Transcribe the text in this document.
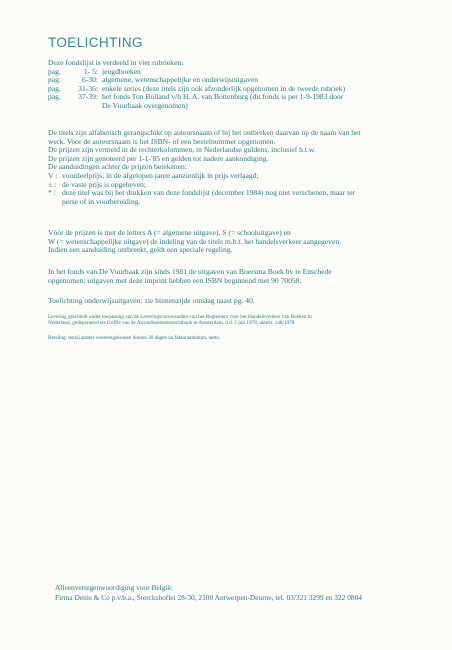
TOELICHTING
Deze fondslijst is verdeeld in vier rubrieken:
pag.	1- 5: jeugdboeken
pag.	6-30: algemene, wetenschappelijke en onderwijsuitgaven
pag.	31-36: enkele series (deze titels zijn ook afzonderlijk opgenomen in de tweede rubriek)
pag.	37-39: het fonds Ton Bolland v/h H. A. van Bottenburg (dit fonds is per 1-9-1983 door
De Vuurbaak overgenomen)
De titels zijn alfabetisch gerangschikt op auteursnaam of bij het ontbreken daarvan op de naam van het
werk. Voor de auteursnaam is het ISBN- of een bestelnummer opgenomen.
De prijzen zijn vermeld in de rechterkolommen, in Nederlandse guldens, inclusief b.t.w.
De prijzen zijn genoteerd per 1-1-'85 en gelden tot nadere aankondiging.
De aanduidingen achter de prijzen betekenen:
V : voordeelprijs; in de afgelopen jaren aanzienlijk in prijs verlaagd;
± : de vaste prijs is opgeheven;
* : deze titel was bij het drukken van deze fondslijst (december 1984) nog niet verschenen, maar ter
perse of in voorbereiding.
Vóór de prijzen is met de letters A (= algemene uitgave), S (= schooluitgave) en
W (= wetenschappelijke uitgave) de indeling van de titels m.b.t. het handelsverkeer aangegeven.
Indien een aanduiding ontbreekt, geldt een speciale regeling.
In het fonds van De Vuurbaak zijn sinds 1981 de uitgaven van Boersma Boek bv te Enschede
opgenomen; uitgaven met deze imprint hebben een ISBN beginnend met 90 70058.
Toelichting onderwijsuitgaven: zie binnenzijde omslag naast pg. 40.
Levering geschiedt onder toepassing van de Leveringsvoorwaarden van het Reglement voor het Handelsverkeer van Boeken in
Nederland, gedeponeerd ter Griffie van de Arrondissementsrechtbank te Amsterdam, d.d. 5 juli 1978, aktenr. 148/1978.
Betaling: tenzij anders overeengekomen binnen 30 dagen na fakturaatdatum, netto.
Alleenvertegenwoordiging voor België:
Firma Denis & Co p.v.b.a., Sterckshoflei 28-30, 2100 Antwerpen-Deurne, tel. 03/321 3299 en 322 0804
